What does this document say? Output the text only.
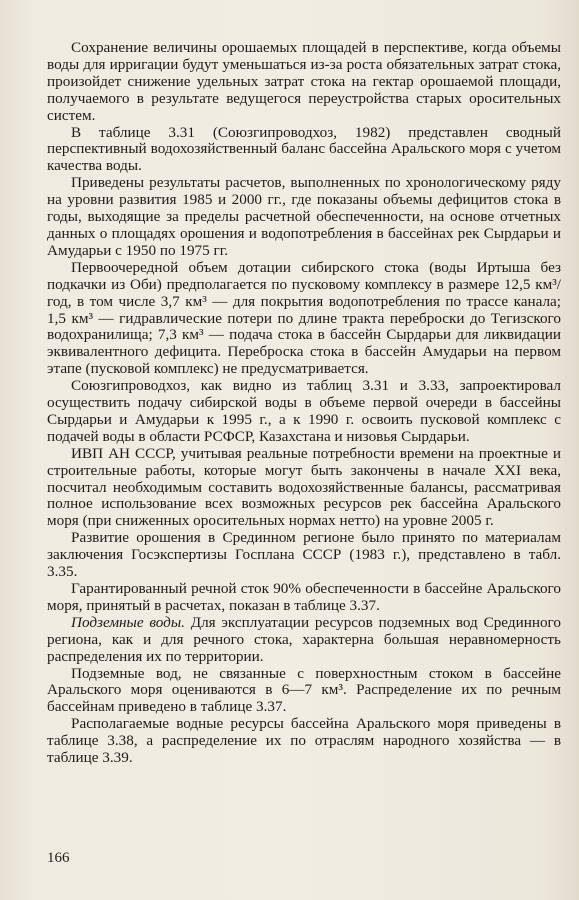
Сохранение величины орошаемых площадей в перспективе, когда объемы воды для ирригации будут уменьшаться из-за роста обязательных затрат стока, произойдет снижение удельных затрат стока на гектар орошаемой площади, получаемого в результате ведущегося переустройства старых оросительных систем.

В таблице 3.31 (Союзгипроводхоз, 1982) представлен сводный перспективный водохозяйственный баланс бассейна Аральского моря с учетом качества воды.

Приведены результаты расчетов, выполненных по хронологическому ряду на уровни развития 1985 и 2000 гг., где показаны объемы дефицитов стока в годы, выходящие за пределы расчетной обеспеченности, на основе отчетных данных о площадях орошения и водопотребления в бассейнах рек Сырдарьи и Амударьи с 1950 по 1975 гг.

Первоочередной объем дотации сибирского стока (воды Иртыша без подкачки из Оби) предполагается по пусковому комплексу в размере 12,5 км³/год, в том числе 3,7 км³ — для покрытия водопотребления по трассе канала; 1,5 км³ — гидравлические потери по длине тракта переброски до Тегизского водохранилища; 7,3 км³ — подача стока в бассейн Сырдарьи для ликвидации эквивалентного дефицита. Переброска стока в бассейн Амударьи на первом этапе (пусковой комплекс) не предусматривается.

Союзгипроводхоз, как видно из таблиц 3.31 и 3.33, запроектировал осуществить подачу сибирской воды в объеме первой очереди в бассейны Сырдарьи и Амударьи к 1995 г., а к 1990 г. освоить пусковой комплекс с подачей воды в области РСФСР, Казахстана и низовья Сырдарьи.

ИВП АН СССР, учитывая реальные потребности времени на проектные и строительные работы, которые могут быть закончены в начале XXI века, посчитал необходимым составить водохозяйственные балансы, рассматривая полное использование всех возможных ресурсов рек бассейна Аральского моря (при сниженных оросительных нормах нетто) на уровне 2005 г.

Развитие орошения в Срединном регионе было принято по материалам заключения Госэкспертизы Госплана СССР (1983 г.), представлено в табл. 3.35.

Гарантированный речной сток 90% обеспеченности в бассейне Аральского моря, принятый в расчетах, показан в таблице 3.37.

Подземные воды. Для эксплуатации ресурсов подземных вод Срединного региона, как и для речного стока, характерна большая неравномерность распределения их по территории.

Подземные вод, не связанные с поверхностным стоком в бассейне Аральского моря оцениваются в 6—7 км³. Распределение их по речным бассейнам приведено в таблице 3.37.

Располагаемые водные ресурсы бассейна Аральского моря приведены в таблице 3.38, а распределение их по отраслям народного хозяйства — в таблице 3.39.

166
